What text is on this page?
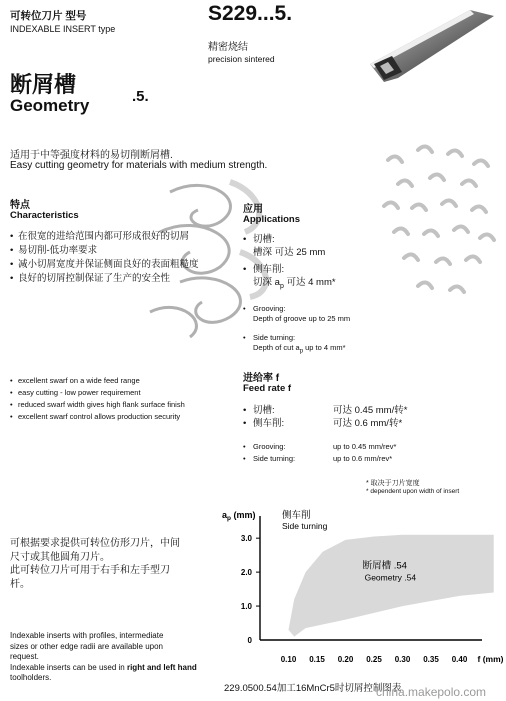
可转位刀片 型号
INDEXABLE INSERT type
S229...5.
精密烧结
precision sintered
断屑槽
Geometry	.5.
适用于中等强度材料的易切削断屑槽.
Easy cutting geometry for materials with medium strength.
特点
Characteristics
• 在很宽的进给范围内都可形成很好的切屑
• 易切削-低功率要求
• 减小切屑宽度并保证侧面良好的表面粗糙度
• 良好的切屑控制保证了生产的安全性
• excellent swarf on a wide feed range
• easy cutting - low power requirement
• reduced swarf width gives high flank surface finish
• excellent swarf control allows production security
应用
Applications
• 切槽:
槽深 可达 25 mm
• 侧车削:
切深 $a_p$ 可达 4 mm*
• Grooving:
Depth of groove up to 25 mm
• Side turning:
Depth of cut $a_p$ up to 4 mm*
进给率 f
Feed rate f
• 切槽:	可达 0.45 mm/转*
• 侧车削:	可达 0.6 mm/转*
• Grooving:	up to 0.45 mm/rev*
• Side turning:	up to 0.6 mm/rev*
* 取决于刀片宽度
* dependent upon width of insert
可根据要求提供可转位仿形刀片，中间
尺寸或其他圆角刀片。
此可转位刀片可用于右手和左手型刀
杆。
Indexable inserts with profiles, intermediate
sizes or other edge radii are available upon
request.
Indexable inserts can be used in right and left hand toolholders.
$a_p$ (mm)	侧车削
Side turning
断屑槽 .54
Geometry .54
f (mm)
0
1.0
2.0
3.0
0.10 0.15 0.20 0.25 0.30 0.35 0.40
229.0500.54加工16MnCr5时切屑控制图表
china.makepolo.com
